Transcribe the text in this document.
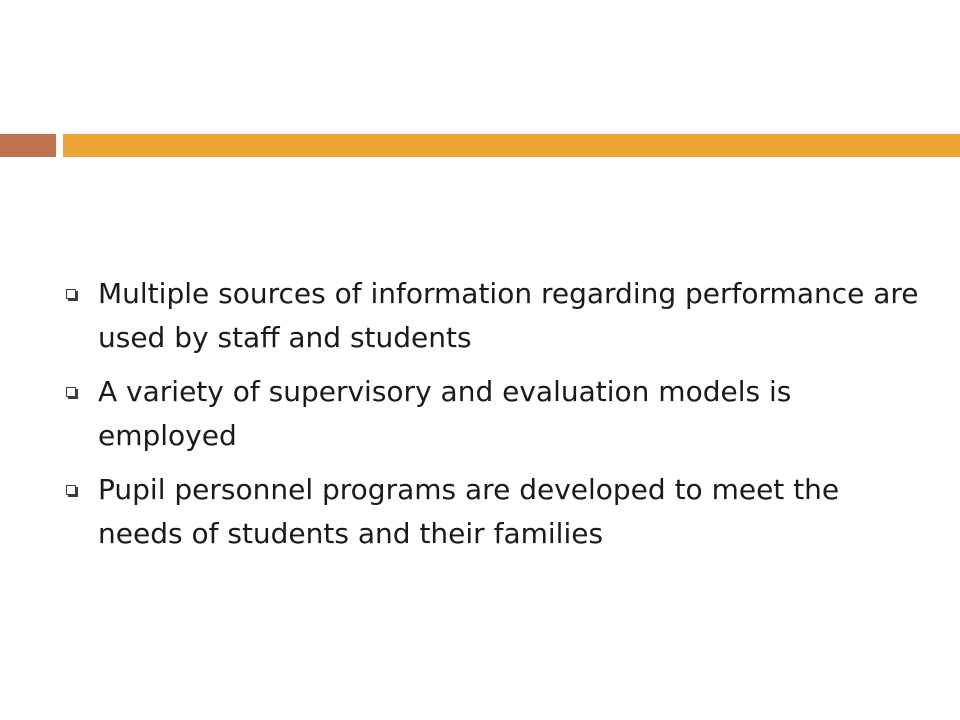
Multiple sources of information regarding performance are used by staff and students
A variety of supervisory and evaluation models is employed
Pupil personnel programs are developed to meet the needs of students and their families
